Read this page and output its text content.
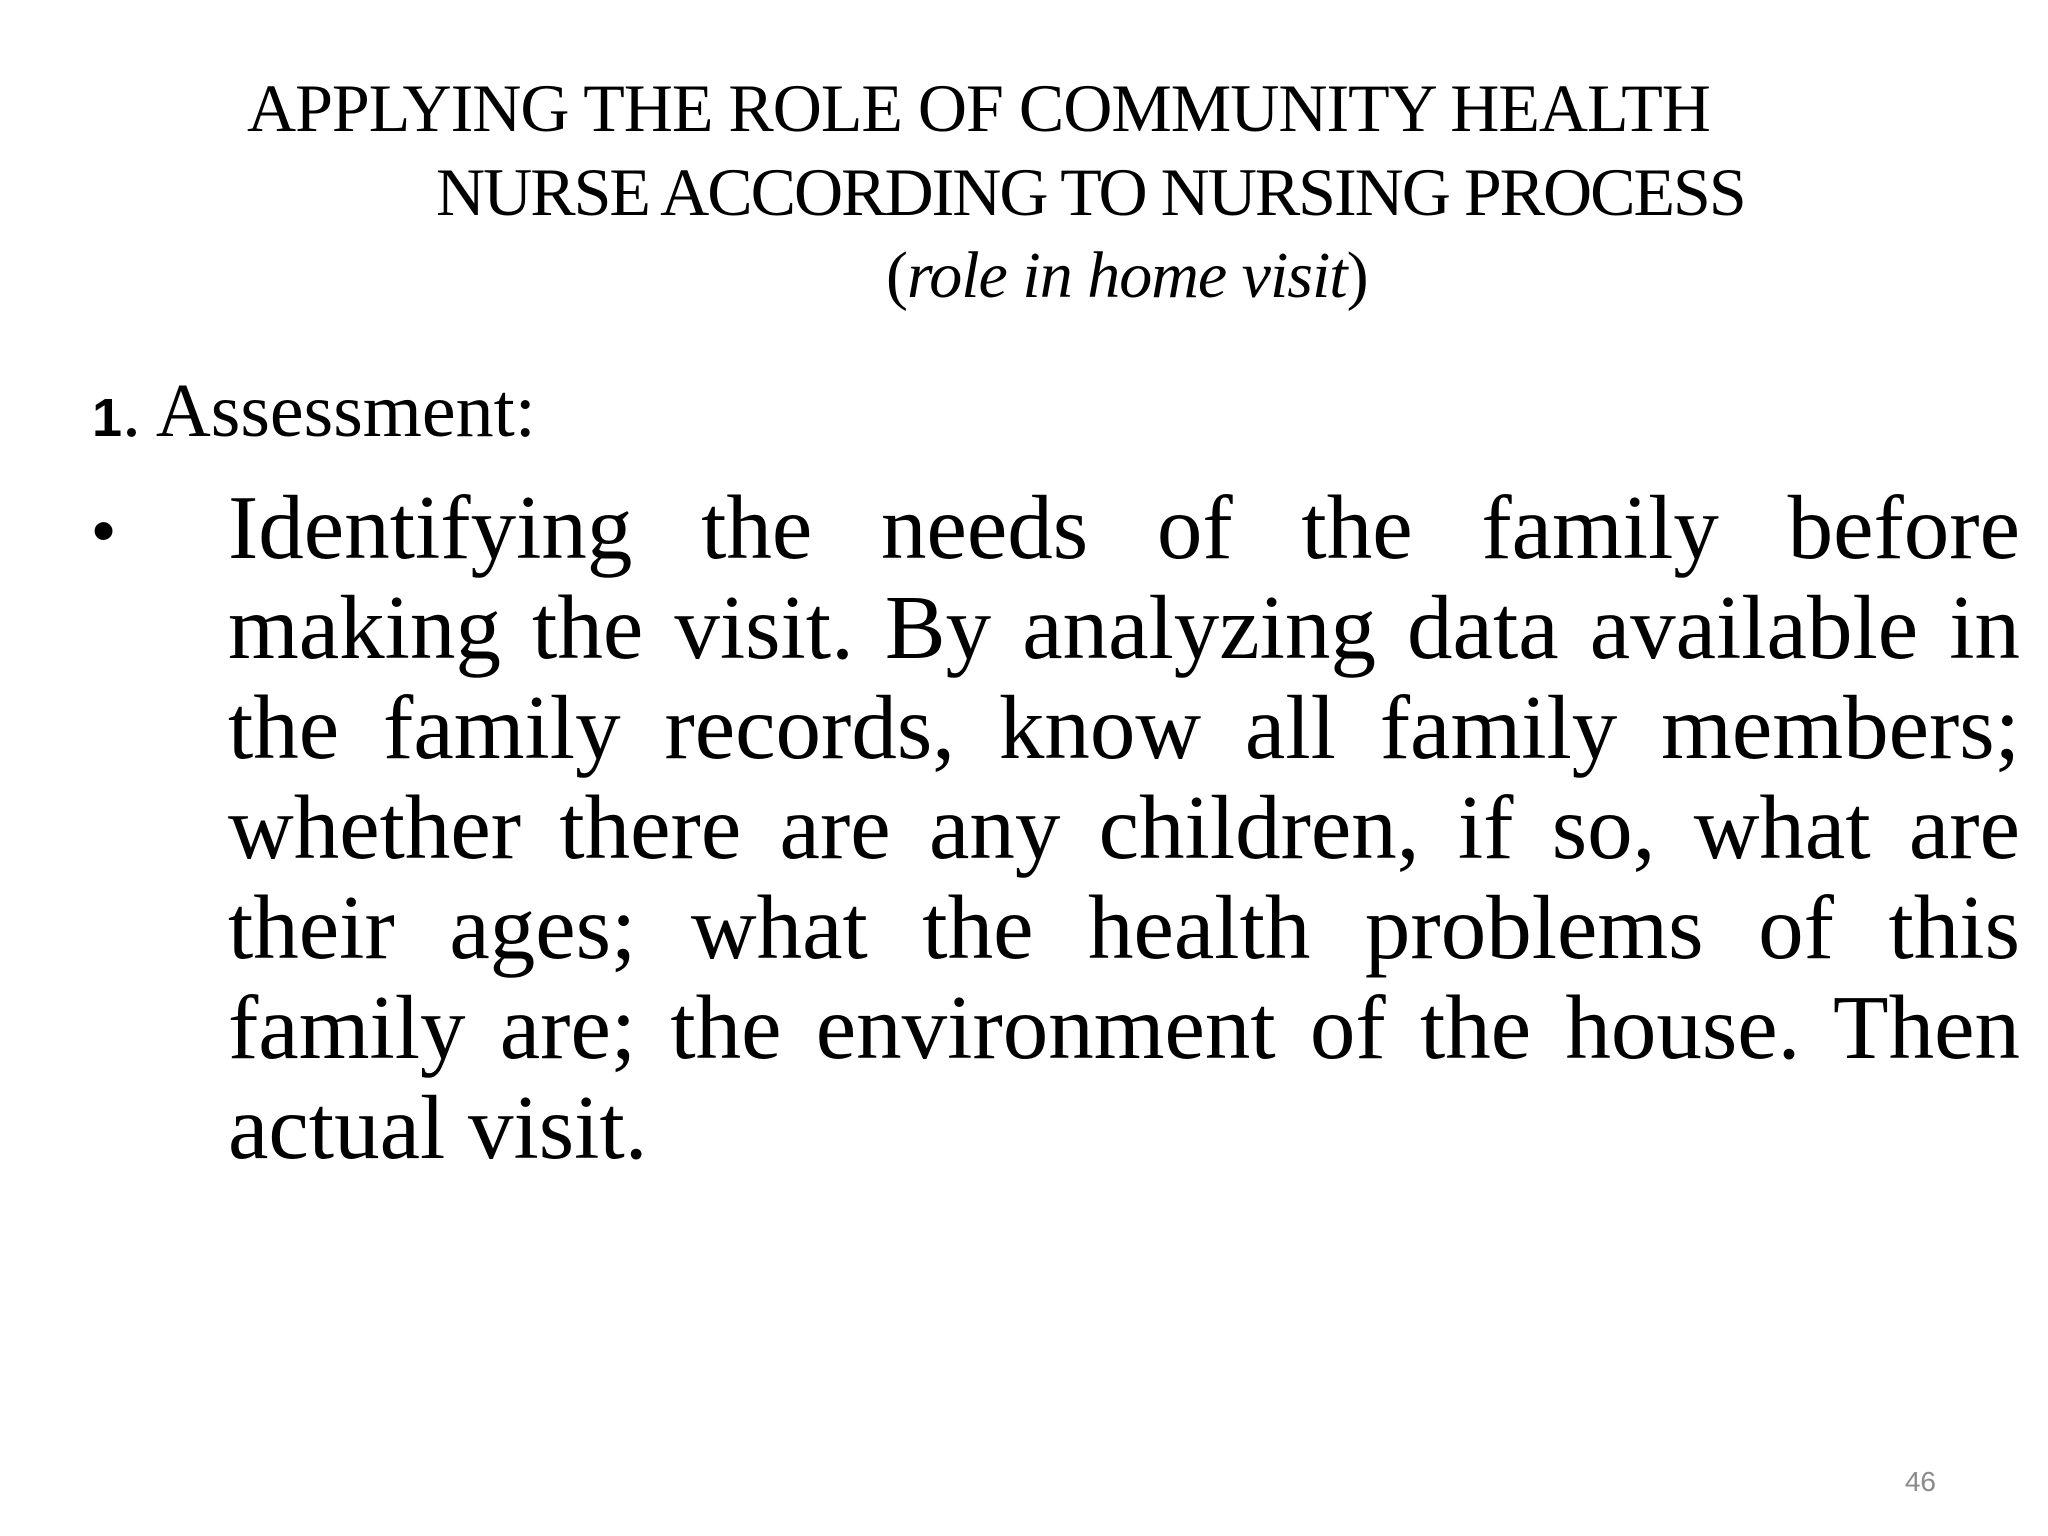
APPLYING THE ROLE OF COMMUNITY HEALTH
NURSE ACCORDING TO NURSING PROCESS
(role in home visit)
1. Assessment:
• Identifying the needs of the family before making the visit. By analyzing data available in the family records, know all family members; whether there are any children, if so, what are their ages; what the health problems of this family are; the environment of the house. Then actual visit.
46
